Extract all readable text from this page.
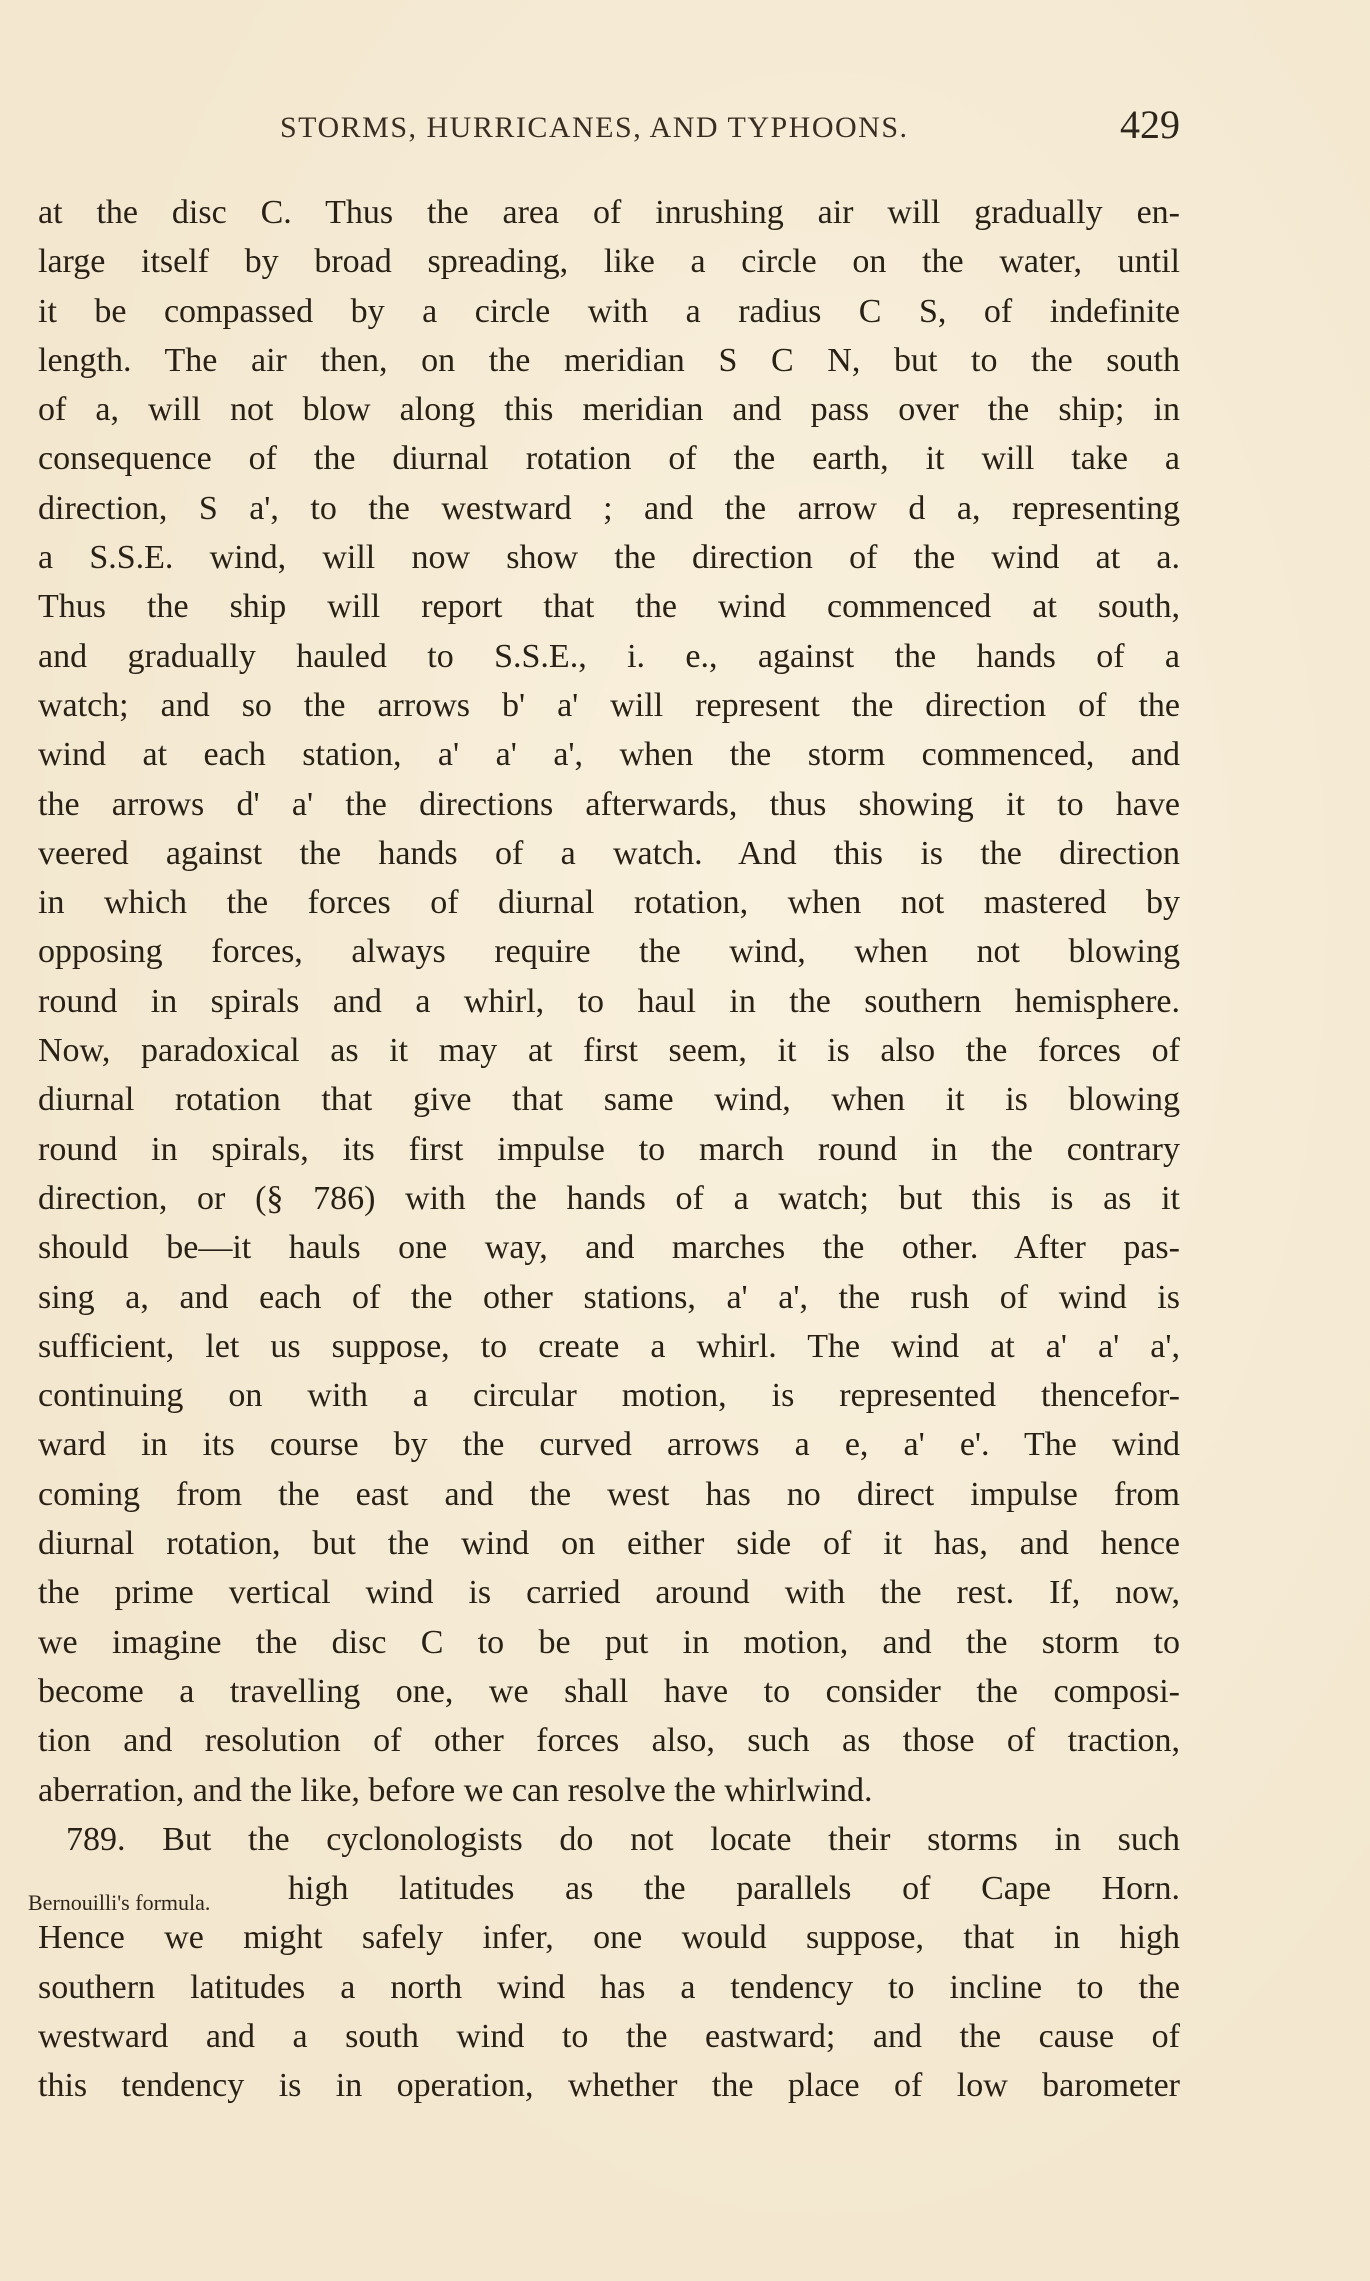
STORMS, HURRICANES, AND TYPHOONS.	429
Bernouilli's formula.
at the disc C. Thus the area of inrushing air will gradually en-
large itself by broad spreading, like a circle on the water, until
it be compassed by a circle with a radius C S, of indefinite
length. The air then, on the meridian S C N, but to the south
of a, will not blow along this meridian and pass over the ship; in
consequence of the diurnal rotation of the earth, it will take a
direction, S a', to the westward ; and the arrow d a, representing
a S.S.E. wind, will now show the direction of the wind at a.
Thus the ship will report that the wind commenced at south,
and gradually hauled to S.S.E., i. e., against the hands of a
watch; and so the arrows b' a' will represent the direction of the
wind at each station, a' a' a', when the storm commenced, and
the arrows d' a' the directions afterwards, thus showing it to have
veered against the hands of a watch. And this is the direction
in which the forces of diurnal rotation, when not mastered by
opposing forces, always require the wind, when not blowing
round in spirals and a whirl, to haul in the southern hemisphere.
Now, paradoxical as it may at first seem, it is also the forces of
diurnal rotation that give that same wind, when it is blowing
round in spirals, its first impulse to march round in the contrary
direction, or (§ 786) with the hands of a watch; but this is as it
should be—it hauls one way, and marches the other. After pas-
sing a, and each of the other stations, a' a', the rush of wind is
sufficient, let us suppose, to create a whirl. The wind at a' a' a',
continuing on with a circular motion, is represented thencefor-
ward in its course by the curved arrows a e, a' e'. The wind
coming from the east and the west has no direct impulse from
diurnal rotation, but the wind on either side of it has, and hence
the prime vertical wind is carried around with the rest. If, now,
we imagine the disc C to be put in motion, and the storm to
become a travelling one, we shall have to consider the composi-
tion and resolution of other forces also, such as those of traction,
aberration, and the like, before we can resolve the whirlwind.
789. But the cyclonologists do not locate their storms in such
high latitudes as the parallels of Cape Horn.
Hence we might safely infer, one would suppose, that in high
southern latitudes a north wind has a tendency to incline to the
westward and a south wind to the eastward; and the cause of
this tendency is in operation, whether the place of low barometer
